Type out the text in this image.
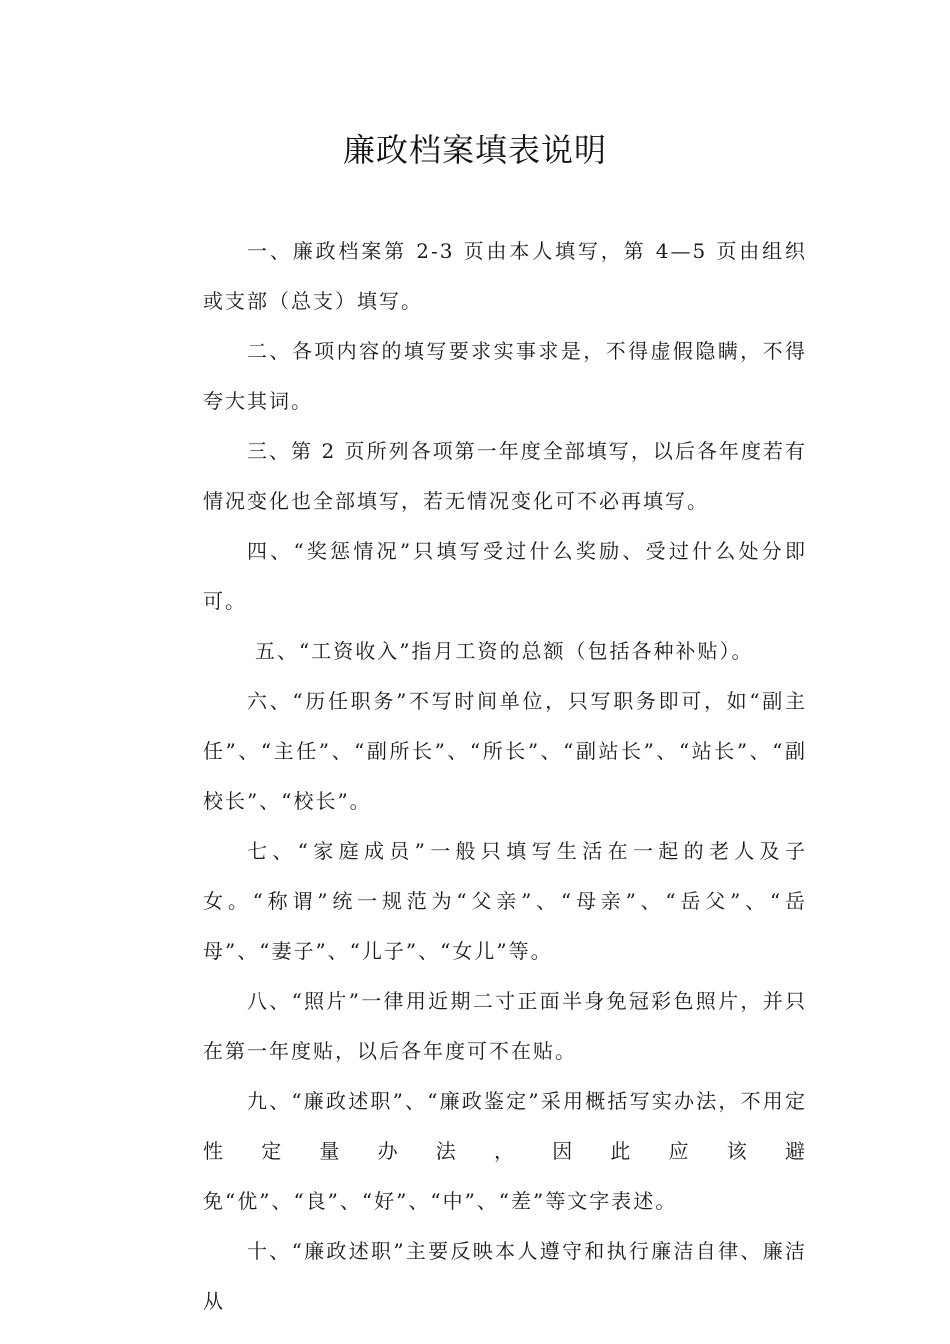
廉政档案填表说明

一、廉政档案第 2-3 页由本人填写，第 4—5 页由组织或支部（总支）填写。

二、各项内容的填写要求实事求是，不得虚假隐瞒，不得夸大其词。

三、第 2 页所列各项第一年度全部填写，以后各年度若有情况变化也全部填写，若无情况变化可不必再填写。

四、“奖惩情况”只填写受过什么奖励、受过什么处分即可。

五、“工资收入”指月工资的总额（包括各种补贴）。

六、“历任职务”不写时间单位，只写职务即可，如“副主任”、“主任”、“副所长”、“所长”、“副站长”、“站长”、“副校长”、“校长”。

七、“家庭成员”一般只填写生活在一起的老人及子女。“称谓”统一规范为“父亲”、“母亲”、“岳父”、“岳母”、“妻子”、“儿子”、“女儿”等。

八、“照片”一律用近期二寸正面半身免冠彩色照片，并只在第一年度贴，以后各年度可不在贴。

九、“廉政述职”、“廉政鉴定”采用概括写实办法，不用定性定量办法，因此应该避免“优”、“良”、“好”、“中”、“差”等文字表述。

十、“廉政述职”主要反映本人遵守和执行廉洁自律、廉洁从
